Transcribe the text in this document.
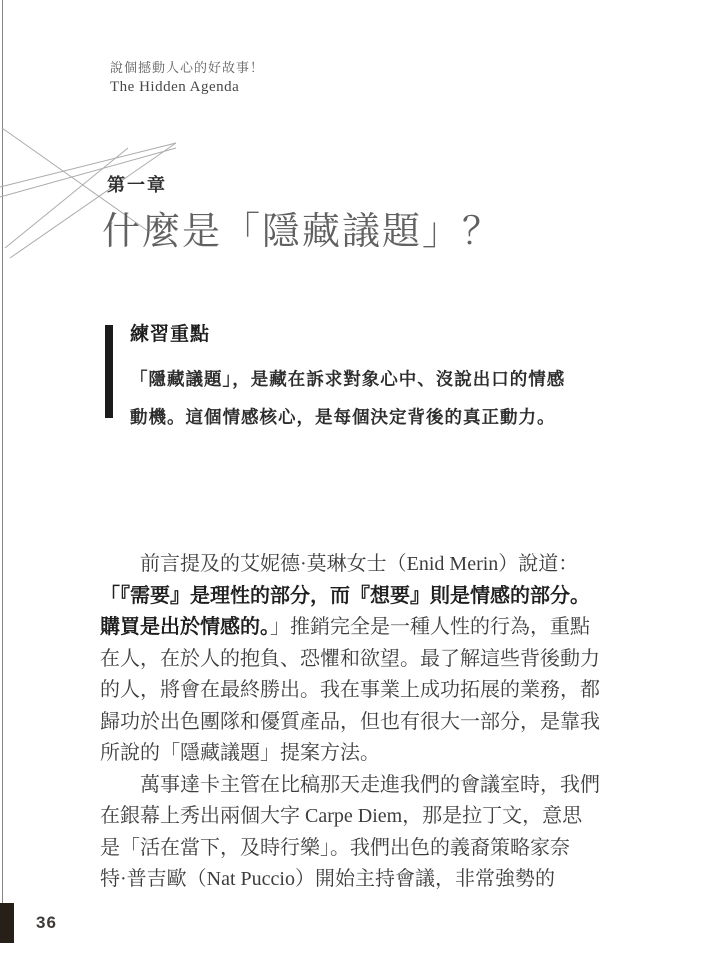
說個撼動人心的好故事！
The Hidden Agenda
第一章
什麼是「隱藏議題」？
練習重點
「隱藏議題」，是藏在訴求對象心中、沒說出口的情感
動機。這個情感核心，是每個決定背後的真正動力。
前言提及的艾妮德·莫琳女士（Enid Merin）說道：
「『需要』是理性的部分，而『想要』則是情感的部分。
購買是出於情感的。」推銷完全是一種人性的行為，重點
在人，在於人的抱負、恐懼和欲望。最了解這些背後動力
的人，將會在最終勝出。我在事業上成功拓展的業務，都
歸功於出色團隊和優質產品，但也有很大一部分，是靠我
所說的「隱藏議題」提案方法。
萬事達卡主管在比稿那天走進我們的會議室時，我們
在銀幕上秀出兩個大字 Carpe Diem，那是拉丁文，意思
是「活在當下，及時行樂」。我們出色的義裔策略家奈
特·普吉歐（Nat Puccio）開始主持會議，非常強勢的
36
